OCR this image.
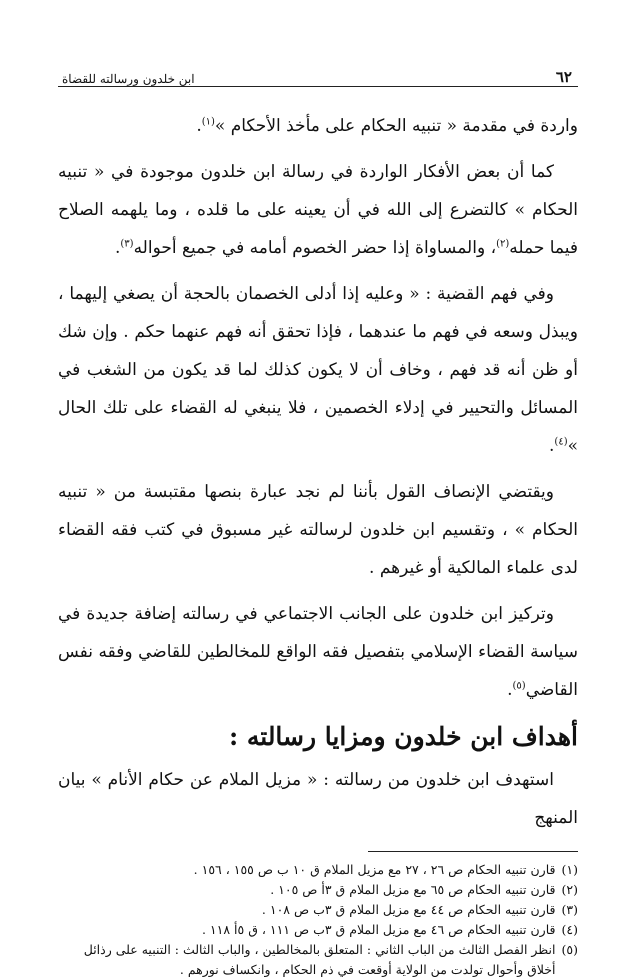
٦٢
ابن خلدون ورسالته للقضاة

واردة في مقدمة « تنبيه الحكام على مأخذ الأحكام »$^{(١)}$.

كما أن بعض الأفكار الواردة في رسالة ابن خلدون موجودة في « تنبيه الحكام » كالتضرع إلى الله في أن يعينه على ما قلده ، وما يلهمه الصلاح فيما حمله$^{(٢)}$، والمساواة إذا حضر الخصوم أمامه في جميع أحواله$^{(٣)}$.

وفي فهم القضية : « وعليه إذا أدلى الخصمان بالحجة أن يصغي إليهما ، ويبذل وسعه في فهم ما عندهما ، فإذا تحقق أنه فهم عنهما حكم . وإن شك أو ظن أنه قد فهم ، وخاف أن لا يكون كذلك لما قد يكون من الشغب في المسائل والتحيير في إدلاء الخصمين ، فلا ينبغي له القضاء على تلك الحال »$^{(٤)}$.

ويقتضي الإنصاف القول بأننا لم نجد عبارة بنصها مقتبسة من « تنبيه الحكام » ، وتقسيم ابن خلدون لرسالته غير مسبوق في كتب فقه القضاء لدى علماء المالكية أو غيرهم .

وتركيز ابن خلدون على الجانب الاجتماعي في رسالته إضافة جديدة في سياسة القضاء الإسلامي بتفصيل فقه الواقع للمخالطين للقاضي وفقه نفس القاضي$^{(٥)}$.

أهداف ابن خلدون ومزايا رسالته :

استهدف ابن خلدون من رسالته : « مزيل الملام عن حكام الأنام » بيان المنهج

(١)
قارن تنبيه الحكام ص ٢٦ ، ٢٧ مع مزيل الملام ق ١٠ ب ص ١٥٥ ، ١٥٦ .
(٢)
قارن تنبيه الحكام ص ٦٥ مع مزيل الملام ق ٣أ ص ١٠٥ .
(٣)
قارن تنبيه الحكام ص ٤٤ مع مزيل الملام ق ٣ب ص ١٠٨ .
(٤)
قارن تنبيه الحكام ص ٤٦ مع مزيل الملام ق ٣ب ص ١١١ ، ق ٥أ ١١٨ .
(٥)
انظر الفصل الثالث من الباب الثاني : المتعلق بالمخالطين ، والباب الثالث : التنبيه على رذائل أخلاق وأحوال تولدت من الولاية أوقعت في ذم الحكام ، وانكساف نورهم .
